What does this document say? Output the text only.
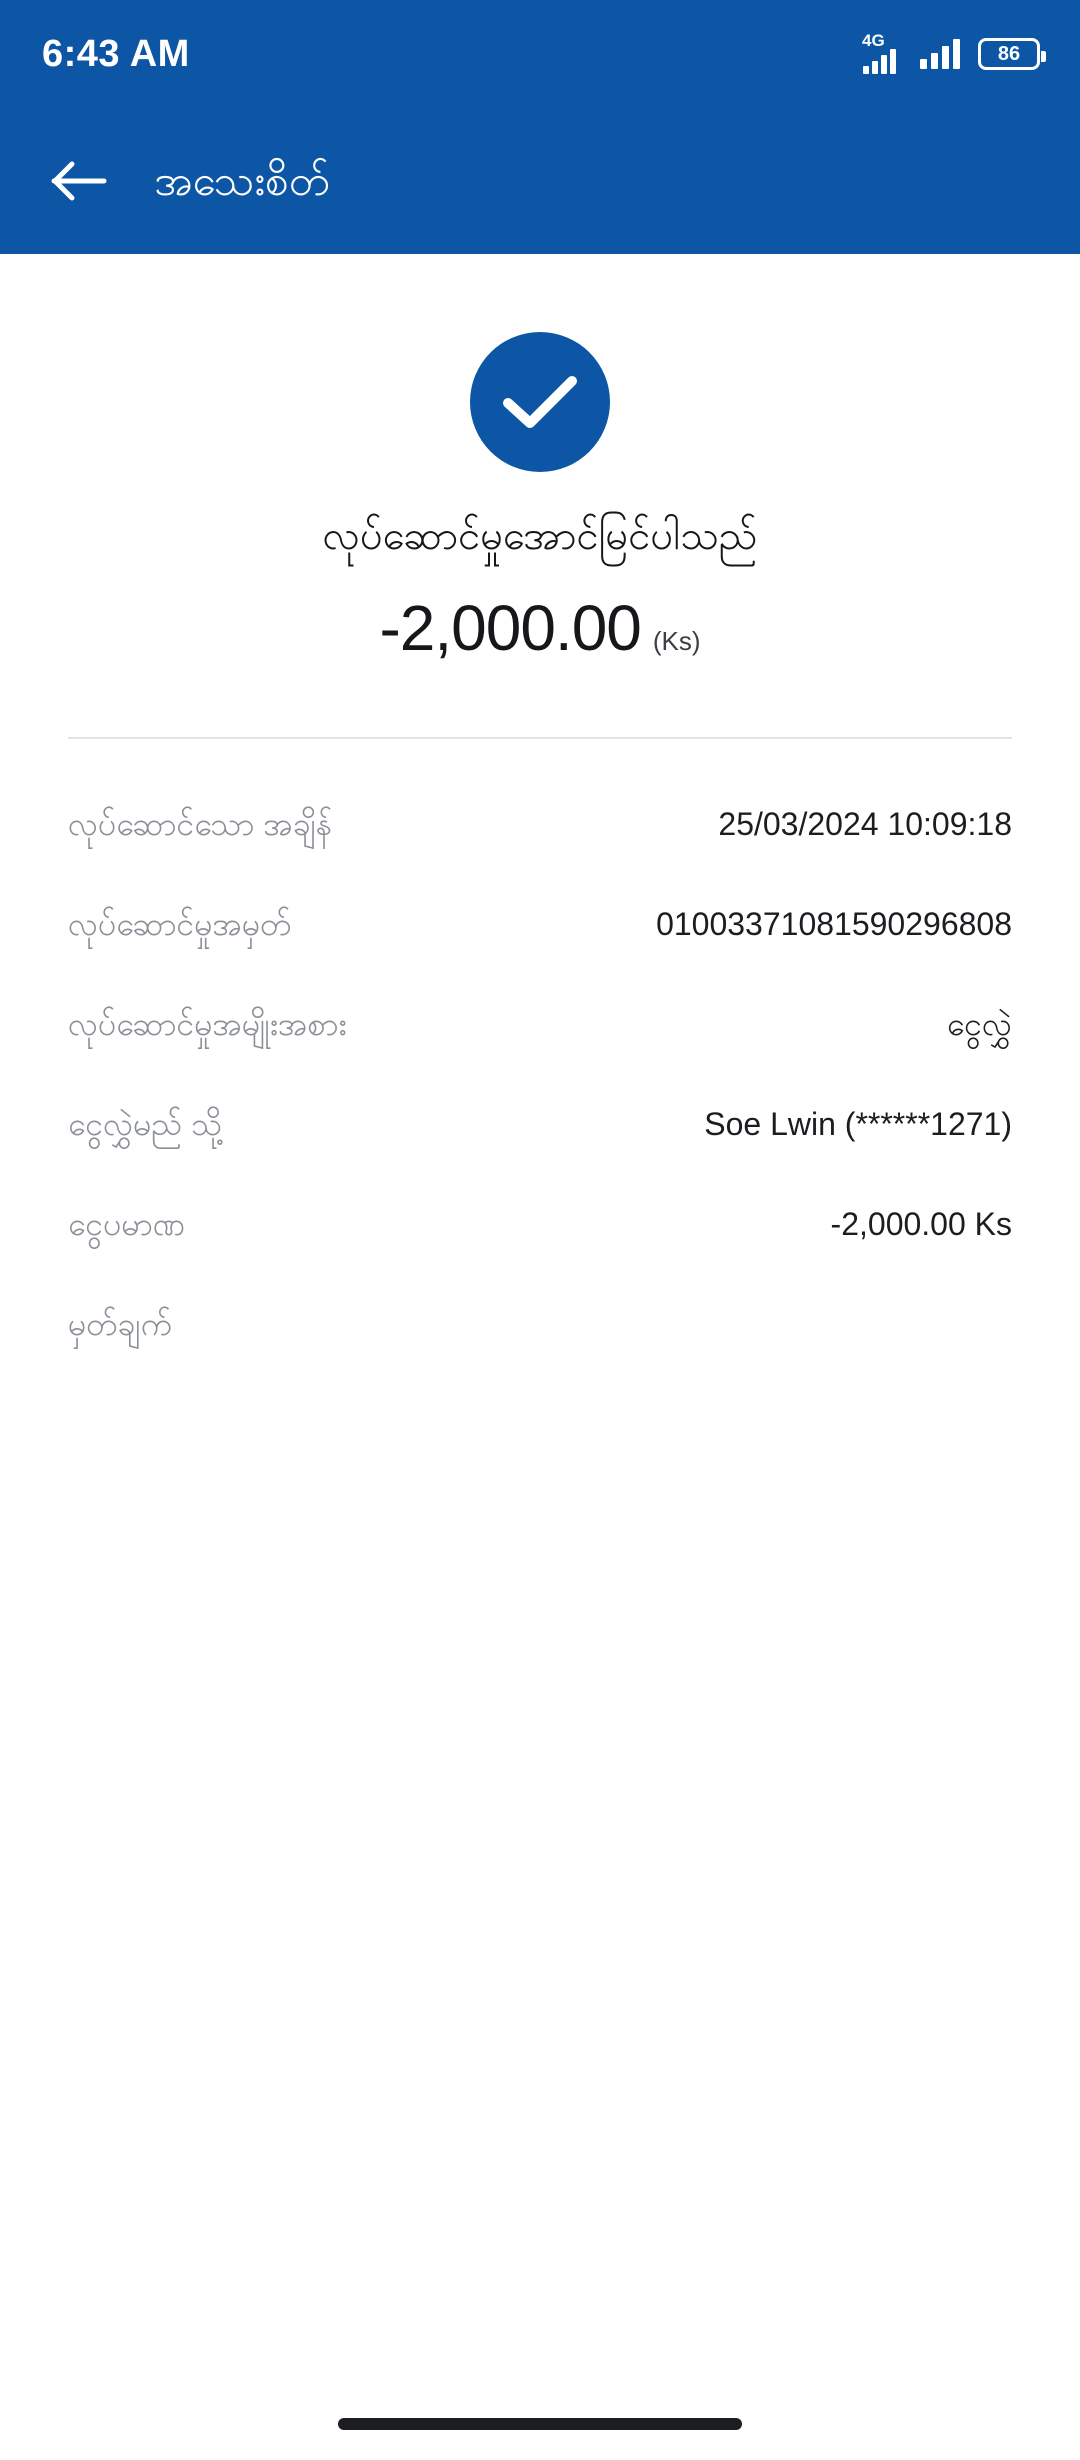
6:43 AM	4G
86
အသေးစိတ်
လုပ်ဆောင်မှုအောင်မြင်ပါသည်
-2,000.00 (Ks)
လုပ်ဆောင်သော အချိန်	25/03/2024 10:09:18
လုပ်ဆောင်မှုအမှတ်	01003371081590296808
လုပ်ဆောင်မှုအမျိုးအစား	ငွေလွှဲ
ငွေလွှဲမည် သို့	Soe Lwin (******1271)
ငွေပမာဏ	-2,000.00 Ks
မှတ်ချက်
